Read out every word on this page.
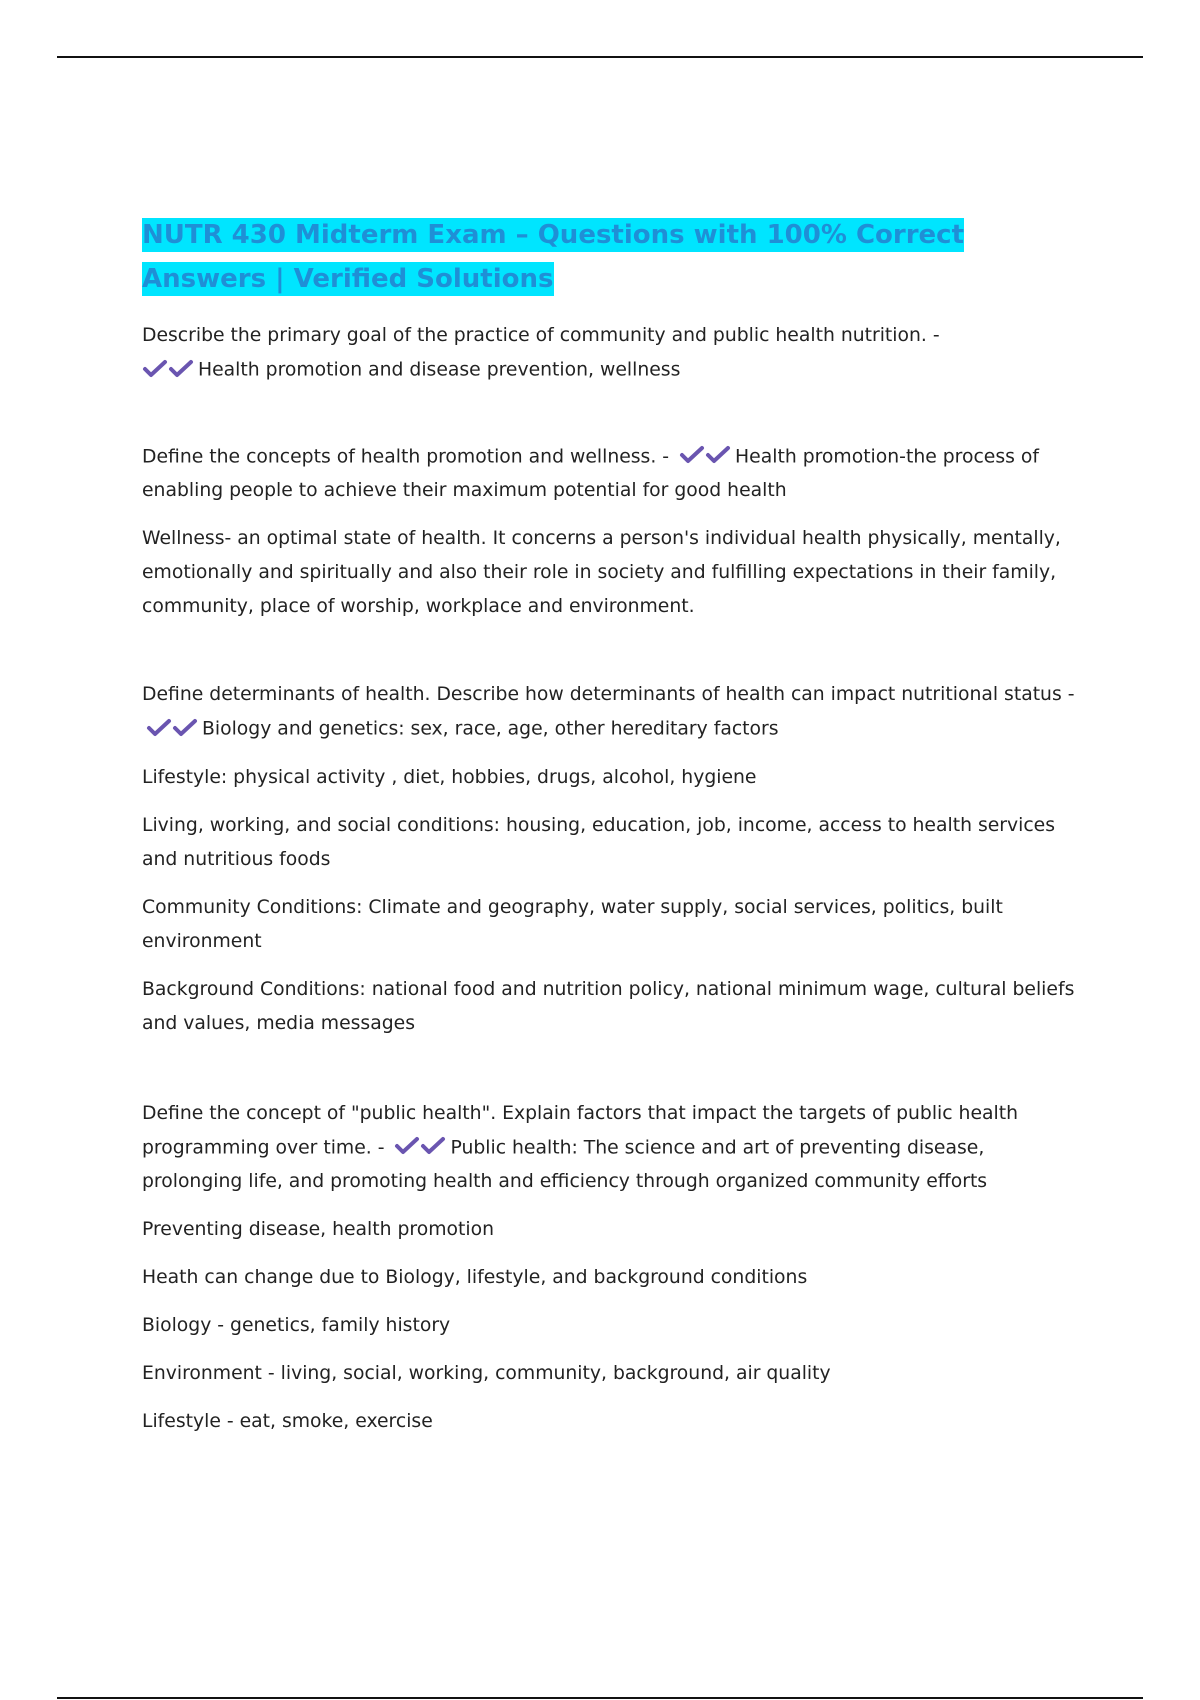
NUTR 430 Midterm Exam – Questions with 100% Correct Answers | Verified Solutions

Describe the primary goal of the practice of community and public health nutrition. -

Health promotion and disease prevention, wellness

Define the concepts of health promotion and wellness. -	Health promotion-the process of enabling people to achieve their maximum potential for good health

Wellness- an optimal state of health. It concerns a person's individual health physically, mentally, emotionally and spiritually and also their role in society and fulfilling expectations in their family, community, place of worship, workplace and environment.

Define determinants of health. Describe how determinants of health can impact nutritional status -
Biology and genetics: sex, race, age, other hereditary factors

Lifestyle: physical activity , diet, hobbies, drugs, alcohol, hygiene

Living, working, and social conditions: housing, education, job, income, access to health services and nutritious foods

Community Conditions: Climate and geography, water supply, social services, politics, built environment

Background Conditions: national food and nutrition policy, national minimum wage, cultural beliefs and values, media messages

Define the concept of "public health". Explain factors that impact the targets of public health programming over time. -	Public health: The science and art of preventing disease, prolonging life, and promoting health and efficiency through organized community efforts

Preventing disease, health promotion

Heath can change due to Biology, lifestyle, and background conditions

Biology - genetics, family history

Environment - living, social, working, community, background, air quality

Lifestyle - eat, smoke, exercise
